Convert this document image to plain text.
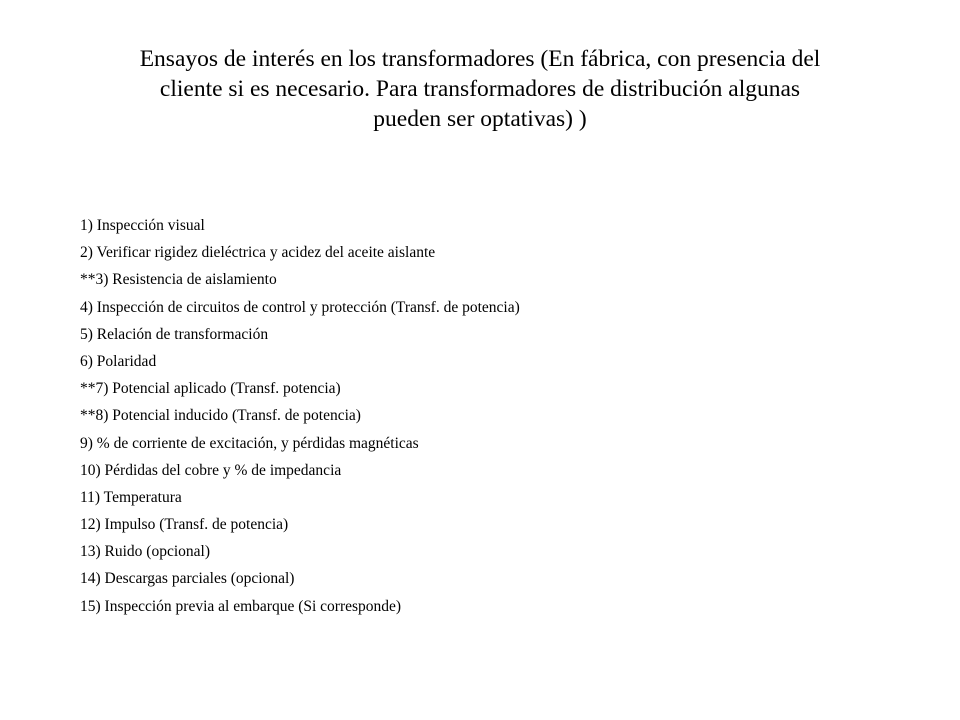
Ensayos de interés en los transformadores (En fábrica, con presencia del
cliente si es necesario. Para transformadores de distribución algunas
pueden ser optativas) )
1) Inspección visual
2) Verificar rigidez dieléctrica y acidez del aceite aislante
**3) Resistencia de aislamiento
4) Inspección de circuitos de control y protección (Transf. de potencia)
5) Relación de transformación
6) Polaridad
**7) Potencial aplicado (Transf. potencia)
**8) Potencial inducido (Transf. de potencia)
9) % de corriente de excitación, y pérdidas magnéticas
10) Pérdidas del cobre y % de impedancia
11) Temperatura
12) Impulso (Transf. de potencia)
13) Ruido (opcional)
14) Descargas parciales (opcional)
15) Inspección previa al embarque (Si corresponde)
